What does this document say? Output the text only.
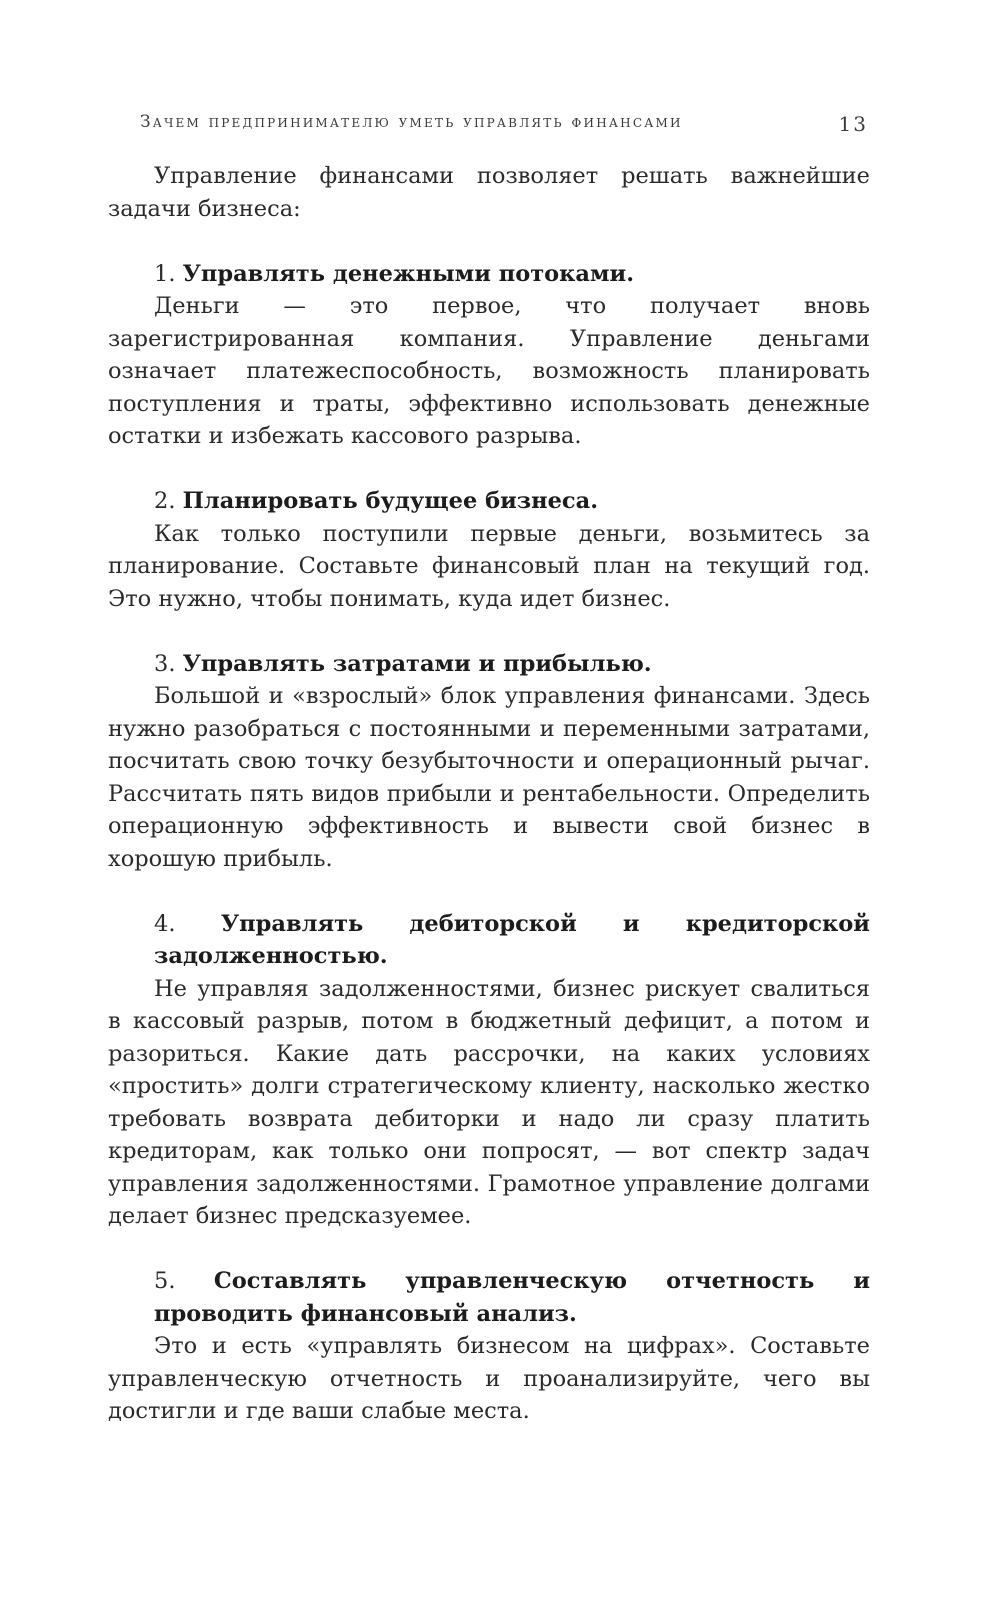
Зачем предпринимателю уметь управлять финансами	13

Управление финансами позволяет решать важнейшие задачи бизнеса:

1. Управлять денежными потоками.

Деньги — это первое, что получает вновь зарегистрированная компания. Управление деньгами означает платежеспособность, возможность планировать поступления и траты, эффективно использовать денежные остатки и избежать кассового разрыва.

2. Планировать будущее бизнеса.

Как только поступили первые деньги, возьмитесь за планирование. Составьте финансовый план на текущий год. Это нужно, чтобы понимать, куда идет бизнес.

3. Управлять затратами и прибылью.

Большой и «взрослый» блок управления финансами. Здесь нужно разобраться с постоянными и переменными затратами, посчитать свою точку безубыточности и операционный рычаг. Рассчитать пять видов прибыли и рентабельности. Определить операционную эффективность и вывести свой бизнес в хорошую прибыль.

4. Управлять дебиторской и кредиторской задолженностью.

Не управляя задолженностями, бизнес рискует свалиться в кассовый разрыв, потом в бюджетный дефицит, а потом и разориться. Какие дать рассрочки, на каких условиях «простить» долги стратегическому клиенту, насколько жестко требовать возврата дебиторки и надо ли сразу платить кредиторам, как только они попросят, — вот спектр задач управления задолженностями. Грамотное управление долгами делает бизнес предсказуемее.

5. Составлять управленческую отчетность и проводить финансовый анализ.

Это и есть «управлять бизнесом на цифрах». Составьте управленческую отчетность и проанализируйте, чего вы достигли и где ваши слабые места.
